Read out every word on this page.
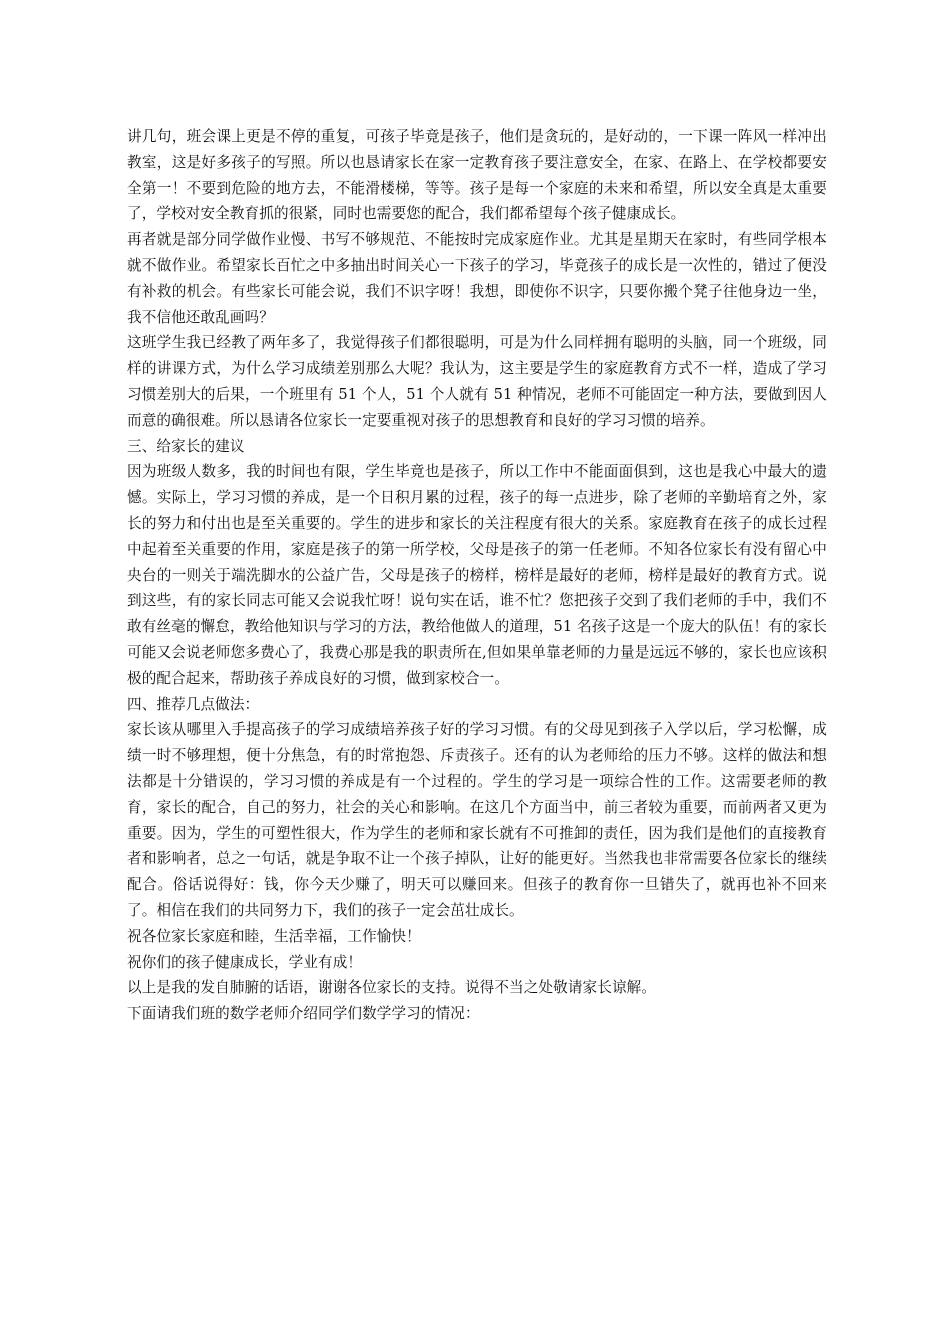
讲几句，班会课上更是不停的重复，可孩子毕竟是孩子，他们是贪玩的，是好动的，一下课一阵风一样冲出教室，这是好多孩子的写照。所以也恳请家长在家一定教育孩子要注意安全，在家、在路上、在学校都要安全第一！不要到危险的地方去，不能滑楼梯，等等。孩子是每一个家庭的未来和希望，所以安全真是太重要了，学校对安全教育抓的很紧，同时也需要您的配合，我们都希望每个孩子健康成长。

再者就是部分同学做作业慢、书写不够规范、不能按时完成家庭作业。尤其是星期天在家时，有些同学根本就不做作业。希望家长百忙之中多抽出时间关心一下孩子的学习，毕竟孩子的成长是一次性的，错过了便没有补救的机会。有些家长可能会说，我们不识字呀！我想，即使你不识字，只要你搬个凳子往他身边一坐，我不信他还敢乱画吗？

这班学生我已经教了两年多了，我觉得孩子们都很聪明，可是为什么同样拥有聪明的头脑，同一个班级，同样的讲课方式，为什么学习成绩差别那么大呢？我认为，这主要是学生的家庭教育方式不一样，造成了学习习惯差别大的后果，一个班里有 51 个人，51 个人就有 51 种情况，老师不可能固定一种方法，要做到因人而意的确很难。所以恳请各位家长一定要重视对孩子的思想教育和良好的学习习惯的培养。

三、给家长的建议

因为班级人数多，我的时间也有限，学生毕竟也是孩子，所以工作中不能面面俱到，这也是我心中最大的遗憾。实际上，学习习惯的养成，是一个日积月累的过程，孩子的每一点进步，除了老师的辛勤培育之外，家长的努力和付出也是至关重要的。学生的进步和家长的关注程度有很大的关系。家庭教育在孩子的成长过程中起着至关重要的作用，家庭是孩子的第一所学校，父母是孩子的第一任老师。不知各位家长有没有留心中央台的一则关于端洗脚水的公益广告，父母是孩子的榜样，榜样是最好的老师，榜样是最好的教育方式。说到这些，有的家长同志可能又会说我忙呀！说句实在话，谁不忙？您把孩子交到了我们老师的手中，我们不敢有丝毫的懈怠，教给他知识与学习的方法，教给他做人的道理，51 名孩子这是一个庞大的队伍！有的家长可能又会说老师您多费心了，我费心那是我的职责所在,但如果单靠老师的力量是远远不够的，家长也应该积极的配合起来，帮助孩子养成良好的习惯，做到家校合一。

四、推荐几点做法：

家长该从哪里入手提高孩子的学习成绩培养孩子好的学习习惯。有的父母见到孩子入学以后，学习松懈，成绩一时不够理想，便十分焦急，有的时常抱怨、斥责孩子。还有的认为老师给的压力不够。这样的做法和想法都是十分错误的，学习习惯的养成是有一个过程的。学生的学习是一项综合性的工作。这需要老师的教育，家长的配合，自己的努力，社会的关心和影响。在这几个方面当中，前三者较为重要，而前两者又更为重要。因为，学生的可塑性很大，作为学生的老师和家长就有不可推卸的责任，因为我们是他们的直接教育者和影响者，总之一句话，就是争取不让一个孩子掉队，让好的能更好。当然我也非常需要各位家长的继续配合。俗话说得好：钱，你今天少赚了，明天可以赚回来。但孩子的教育你一旦错失了，就再也补不回来了。相信在我们的共同努力下，我们的孩子一定会茁壮成长。

祝各位家长家庭和睦，生活幸福，工作愉快！

祝你们的孩子健康成长，学业有成！

以上是我的发自肺腑的话语，谢谢各位家长的支持。说得不当之处敬请家长谅解。

下面请我们班的数学老师介绍同学们数学学习的情况：
